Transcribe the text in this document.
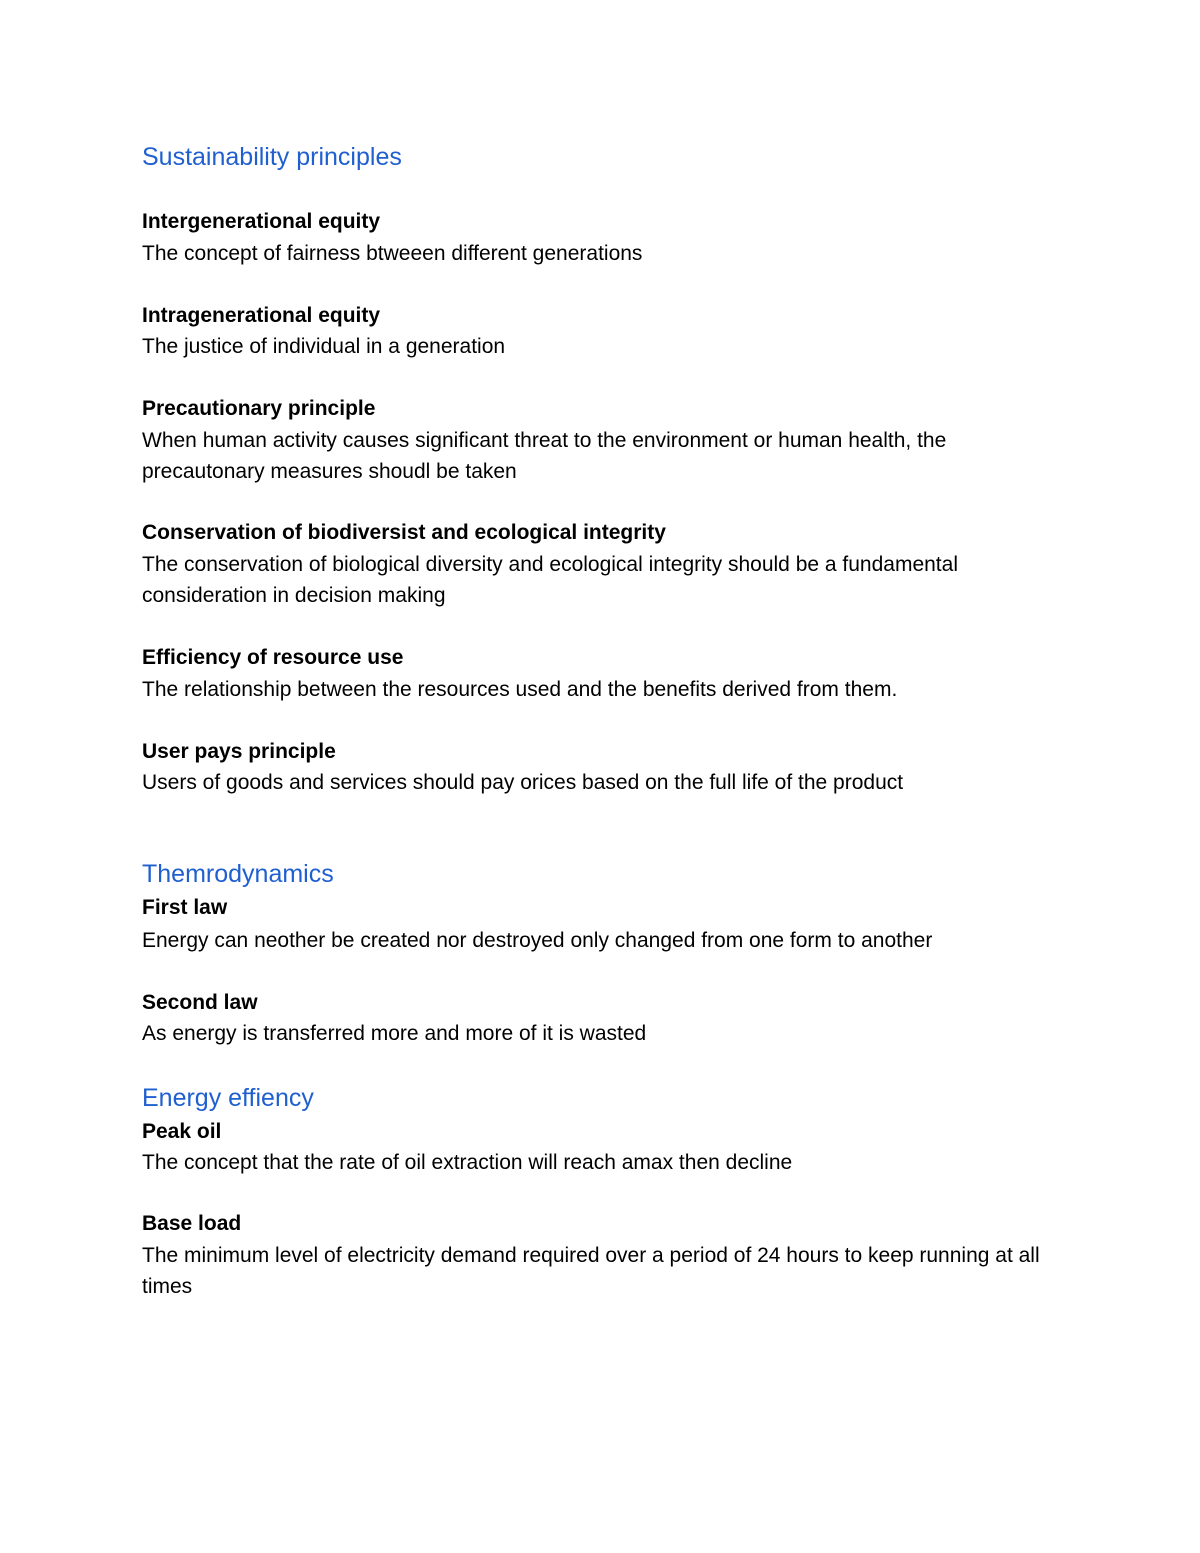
Sustainability principles
Intergenerational equity
The concept of fairness btweeen different generations
Intragenerational equity
The justice of individual in a generation
Precautionary principle
When human activity causes significant threat to the environment or human health, the precautonary measures shoudl be taken
Conservation of biodiversist and ecological integrity
The conservation of biological diversity and ecological integrity should be a fundamental consideration in decision making
Efficiency of resource use
The relationship between the resources used and the benefits derived from them.
User pays principle
Users of goods and services should pay orices based on the full life of the product
Themrodynamics
First law
Energy can neother be created nor destroyed only changed from one form to another
Second law
As energy is transferred more and more of it is wasted
Energy effiency
Peak oil
The concept that the rate of oil extraction will reach amax then decline
Base load
The minimum level of electricity demand required over a period of 24 hours to keep running at all times
